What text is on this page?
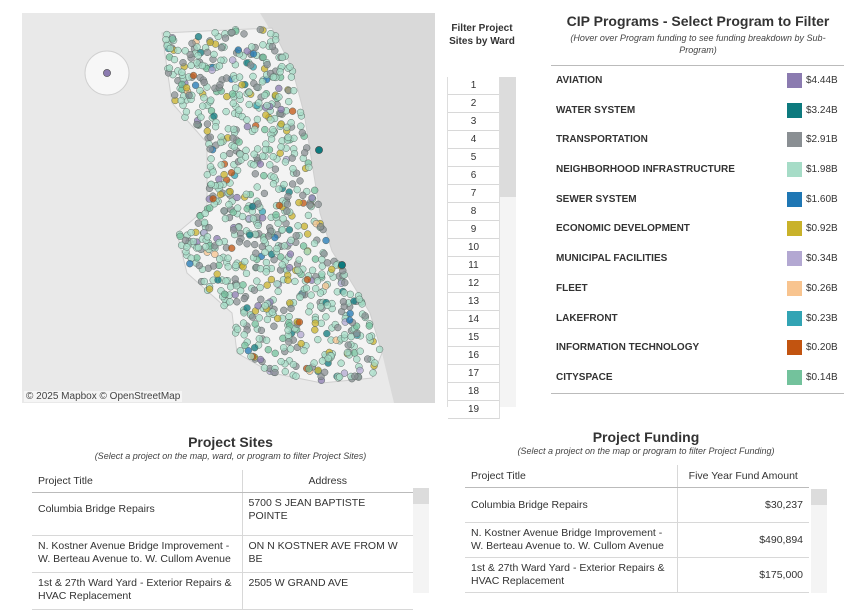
© 2025 Mapbox © OpenStreetMap
Filter Project Sites by Ward
1
2
3
4
5
6
7
8
9
10
11
12
13
14
15
16
17
18
19
CIP Programs - Select Program to Filter
(Hover over Program funding to see funding breakdown by Sub-Program)
AVIATION	$4.44B
WATER SYSTEM	$3.24B
TRANSPORTATION	$2.91B
NEIGHBORHOOD INFRASTRUCTURE	$1.98B
SEWER SYSTEM	$1.60B
ECONOMIC DEVELOPMENT	$0.92B
MUNICIPAL FACILITIES	$0.34B
FLEET	$0.26B
LAKEFRONT	$0.23B
INFORMATION TECHNOLOGY	$0.20B
CITYSPACE	$0.14B
Project Sites
(Select a project on the map, ward, or program to filter Project Sites)
Project Title	Address
Columbia Bridge Repairs	5700 S JEAN BAPTISTE POINTE
N. Kostner Avenue Bridge Improvement -W. Berteau Avenue to. W. Cullom Avenue	ON N KOSTNER AVE FROM W BE
1st & 27th Ward Yard - Exterior Repairs & HVAC Replacement	2505 W GRAND AVE
Project Funding
(Select a project on the map or program to filter Project Funding)
Project Title	Five Year Fund Amount
Columbia Bridge Repairs	$30,237
N. Kostner Avenue Bridge Improvement -W. Berteau Avenue to. W. Cullom Avenue	$490,894
1st & 27th Ward Yard - Exterior Repairs & HVAC Replacement	$175,000
